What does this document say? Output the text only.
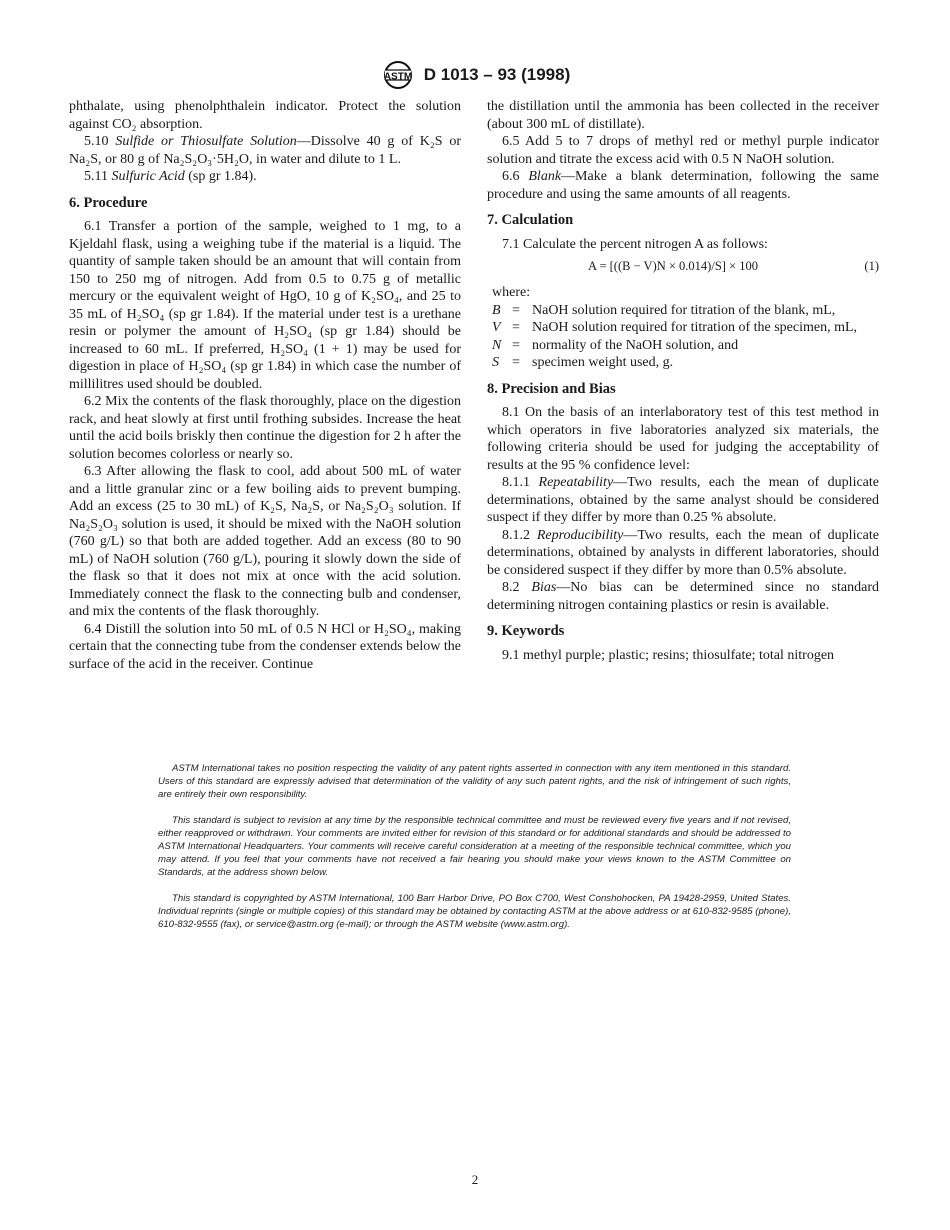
ASTM D 1013 – 93 (1998)

phthalate, using phenolphthalein indicator. Protect the solution against CO₂ absorption.

5.10 Sulfide or Thiosulfate Solution—Dissolve 40 g of K₂S or Na₂S, or 80 g of Na₂S₂O₃·5H₂O, in water and dilute to 1 L.

5.11 Sulfuric Acid (sp gr 1.84).

6. Procedure

6.1 Transfer a portion of the sample, weighed to 1 mg, to a Kjeldahl flask, using a weighing tube if the material is a liquid. The quantity of sample taken should be an amount that will contain from 150 to 250 mg of nitrogen. Add from 0.5 to 0.75 g of metallic mercury or the equivalent weight of HgO, 10 g of K₂SO₄, and 25 to 35 mL of H₂SO₄ (sp gr 1.84). If the material under test is a urethane resin or polymer the amount of H₂SO₄ (sp gr 1.84) should be increased to 60 mL. If preferred, H₂SO₄ (1 + 1) may be used for digestion in place of H₂SO₄ (sp gr 1.84) in which case the number of millilitres used should be doubled.

6.2 Mix the contents of the flask thoroughly, place on the digestion rack, and heat slowly at first until frothing subsides. Increase the heat until the acid boils briskly then continue the digestion for 2 h after the solution becomes colorless or nearly so.

6.3 After allowing the flask to cool, add about 500 mL of water and a little granular zinc or a few boiling aids to prevent bumping. Add an excess (25 to 30 mL) of K₂S, Na₂S, or Na₂S₂O₃ solution. If Na₂S₂O₃ solution is used, it should be mixed with the NaOH solution (760 g/L) so that both are added together. Add an excess (80 to 90 mL) of NaOH solution (760 g/L), pouring it slowly down the side of the flask so that it does not mix at once with the acid solution. Immediately connect the flask to the connecting bulb and condenser, and mix the contents of the flask thoroughly.

6.4 Distill the solution into 50 mL of 0.5 N HCl or H₂SO₄, making certain that the connecting tube from the condenser extends below the surface of the acid in the receiver. Continue

the distillation until the ammonia has been collected in the receiver (about 300 mL of distillate).

6.5 Add 5 to 7 drops of methyl red or methyl purple indicator solution and titrate the excess acid with 0.5 N NaOH solution.

6.6 Blank—Make a blank determination, following the same procedure and using the same amounts of all reagents.

7. Calculation

7.1 Calculate the percent nitrogen A as follows:

A = [((B − V)N × 0.014)/S] × 100	(1)
where:
B = NaOH solution required for titration of the blank, mL,
V = NaOH solution required for titration of the specimen, mL,
N = normality of the NaOH solution, and
S = specimen weight used, g.
8. Precision and Bias

8.1 On the basis of an interlaboratory test of this test method in which operators in five laboratories analyzed six materials, the following criteria should be used for judging the acceptability of results at the 95 % confidence level:

8.1.1 Repeatability—Two results, each the mean of duplicate determinations, obtained by the same analyst should be considered suspect if they differ by more than 0.25 % absolute.

8.1.2 Reproducibility—Two results, each the mean of duplicate determinations, obtained by analysts in different laboratories, should be considered suspect if they differ by more than 0.5% absolute.

8.2 Bias—No bias can be determined since no standard determining nitrogen containing plastics or resin is available.

9. Keywords

9.1 methyl purple; plastic; resins; thiosulfate; total nitrogen

ASTM International takes no position respecting the validity of any patent rights asserted in connection with any item mentioned in this standard. Users of this standard are expressly advised that determination of the validity of any such patent rights, and the risk of infringement of such rights, are entirely their own responsibility.

This standard is subject to revision at any time by the responsible technical committee and must be reviewed every five years and if not revised, either reapproved or withdrawn. Your comments are invited either for revision of this standard or for additional standards and should be addressed to ASTM International Headquarters. Your comments will receive careful consideration at a meeting of the responsible technical committee, which you may attend. If you feel that your comments have not received a fair hearing you should make your views known to the ASTM Committee on Standards, at the address shown below.

This standard is copyrighted by ASTM International, 100 Barr Harbor Drive, PO Box C700, West Conshohocken, PA 19428-2959, United States. Individual reprints (single or multiple copies) of this standard may be obtained by contacting ASTM at the above address or at 610-832-9585 (phone), 610-832-9555 (fax), or service@astm.org (e-mail); or through the ASTM website (www.astm.org).

2
